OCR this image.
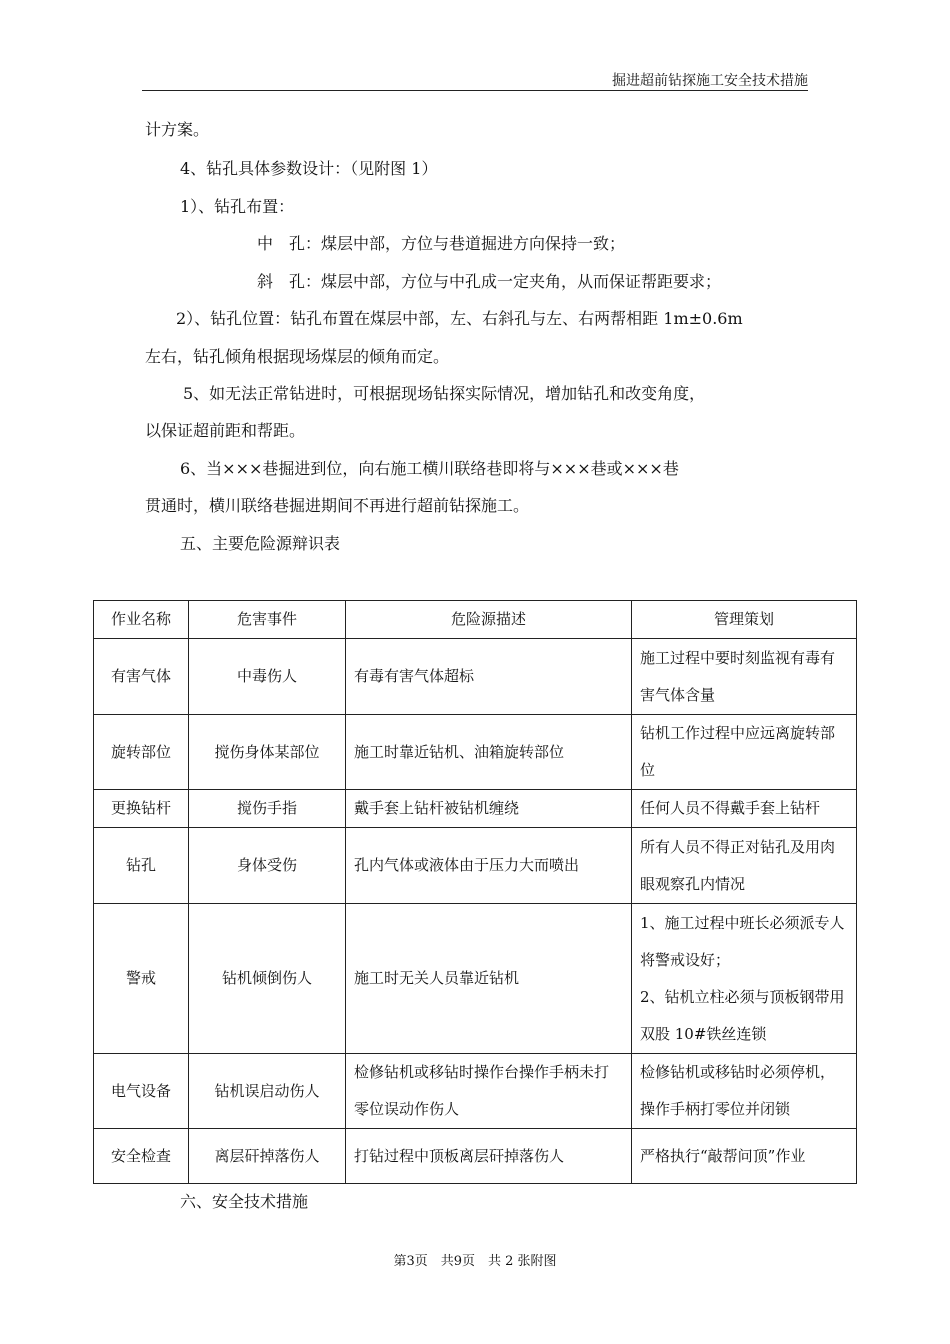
掘进超前钻探施工安全技术措施
计方案。
4、钻孔具体参数设计：（见附图 1）
1）、钻孔布置：
中　孔：煤层中部，方位与巷道掘进方向保持一致；
斜　孔：煤层中部，方位与中孔成一定夹角，从而保证帮距要求；
2）、钻孔位置：钻孔布置在煤层中部，左、右斜孔与左、右两帮相距 1m±0.6m
左右，钻孔倾角根据现场煤层的倾角而定。
5、如无法正常钻进时，可根据现场钻探实际情况，增加钻孔和改变角度，
以保证超前距和帮距。
6、当×××巷掘进到位，向右施工横川联络巷即将与×××巷或×××巷
贯通时，横川联络巷掘进期间不再进行超前钻探施工。
五、主要危险源辩识表
作业名称	危害事件	危险源描述	管理策划
有害气体	中毒伤人	有毒有害气体超标	施工过程中要时刻监视有毒有害气体含量
旋转部位	搅伤身体某部位	施工时靠近钻机、油箱旋转部位	钻机工作过程中应远离旋转部位
更换钻杆	搅伤手指	戴手套上钻杆被钻机缠绕	任何人员不得戴手套上钻杆
钻孔	身体受伤	孔内气体或液体由于压力大而喷出	所有人员不得正对钻孔及用肉眼观察孔内情况
警戒	钻机倾倒伤人	施工时无关人员靠近钻机	1、施工过程中班长必须派专人将警戒设好；
2、钻机立柱必须与顶板钢带用双股 10#铁丝连锁

电气设备	钻机误启动伤人	检修钻机或移钻时操作台操作手柄未打零位误动作伤人	检修钻机或移钻时必须停机，操作手柄打零位并闭锁
安全检查	离层矸掉落伤人	打钻过程中顶板离层矸掉落伤人	严格执行“敲帮问顶”作业
六、安全技术措施
第3页　共9页　共 2 张附图
